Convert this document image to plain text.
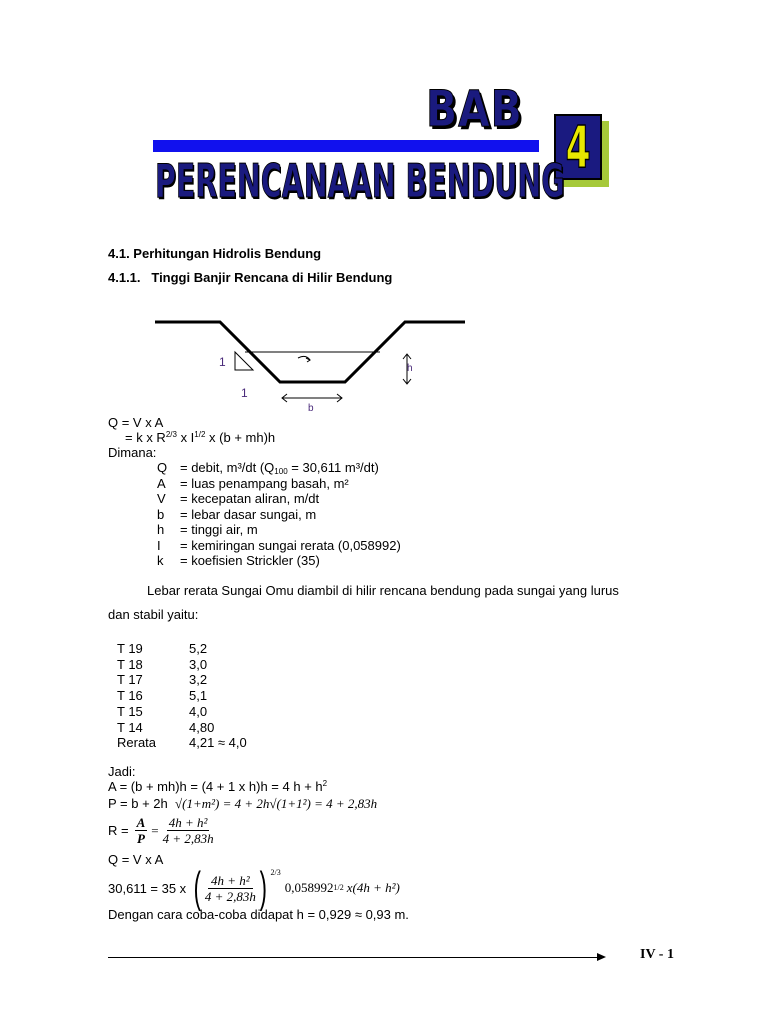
BAB
4
PERENCANAAN BENDUNG
4.1. Perhitungan Hidrolis Bendung
4.1.1.   Tinggi Banjir Rencana di Hilir Bendung
1
1
h
b
Q = V x A
= k x $R^{2/3}$ x $I^{1/2}$ x (b + mh)h
Dimana:
Q = debit, m³/dt ($Q_{100} = 30,611$ m³/dt)
A	= luas penampang basah, m²
V	= kecepatan aliran, m/dt
b	= lebar dasar sungai, m
h	= tinggi air, m
I	= kemiringan sungai rerata (0,058992)
k	= koefisien Strickler (35)
Lebar rerata Sungai Omu diambil di hilir rencana bendung pada sungai yang lurus
dan stabil yaitu:
T 19	5,2
T 18	3,0
T 17	3,2
T 16	5,1
T 15	4,0
T 14	4,80
Rerata	4,21 ≈ 4,0
Jadi:
A = (b + mh)h = (4 + 1 x h)h = 4 $h + h^2$
P = b + 2h √(1+m²) = 4 + 2h√(1+1²) = 4 + 2,83h
$R = \frac{A}{P} = \frac{\text{4h + h²}}{4 + 2,83h}$
Q = V x A
30,611 = 35 x ( 4h + h²
4 + 2,83h ) 2/3
0,058992 1/2 x(4h + h²)
Dengan cara coba-coba didapat h = 0,929 ≈ 0,93 m.
IV - 1
